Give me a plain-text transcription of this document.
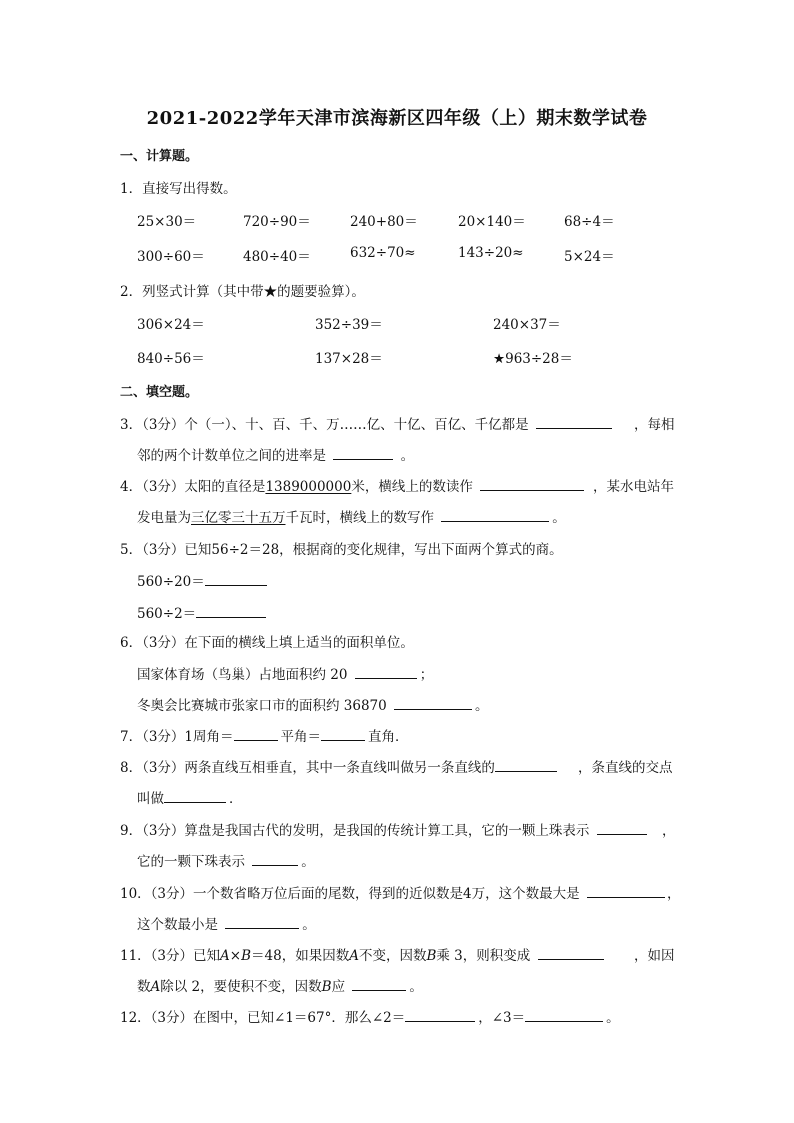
2021-2022学年天津市滨海新区四年级（上）期末数学试卷
一、计算题。
1．直接写出得数。
25×30＝	720÷90＝	240+80＝	20×140＝	68÷4＝
300÷60＝	480÷40＝	632÷70≈	143÷20≈	5×24＝
2．列竖式计算（其中带★的题要验算）。
306×24＝	352÷39＝	240×37＝
840÷56＝	137×28＝	★963÷28＝
二、填空题。
3．（3分）个（一）、十、百、千、万……亿、十亿、百亿、千亿都是	，每相
邻的两个计数单位之间的进率是	。
4．（3分）太阳的直径是1389000000米，横线上的数读作	，某水电站年
发电量为三亿零三十五万千瓦时，横线上的数写作	。
5．（3分）已知56÷2＝28，根据商的变化规律，写出下面两个算式的商。
560÷20＝
560÷2＝
6．（3分）在下面的横线上填上适当的面积单位。
国家体育场（鸟巢）占地面积约 20	；
冬奥会比赛城市张家口市的面积约 36870	。
7．（3分）1周角＝	平角＝	直角．
8．（3分）两条直线互相垂直，其中一条直线叫做另一条直线的	，条直线的交点
叫做	．
9．（3分）算盘是我国古代的发明，是我国的传统计算工具，它的一颗上珠表示	，
它的一颗下珠表示	。
10．（3分）一个数省略万位后面的尾数，得到的近似数是4万，这个数最大是	，
这个数最小是	。
11．（3分）已知A×B＝48，如果因数A不变，因数B乘 3，则积变成	，如因
数A除以 2，要使积不变，因数B应	。
12．（3分）在图中，已知∠1＝67°．那么∠2＝	，∠3＝	。
